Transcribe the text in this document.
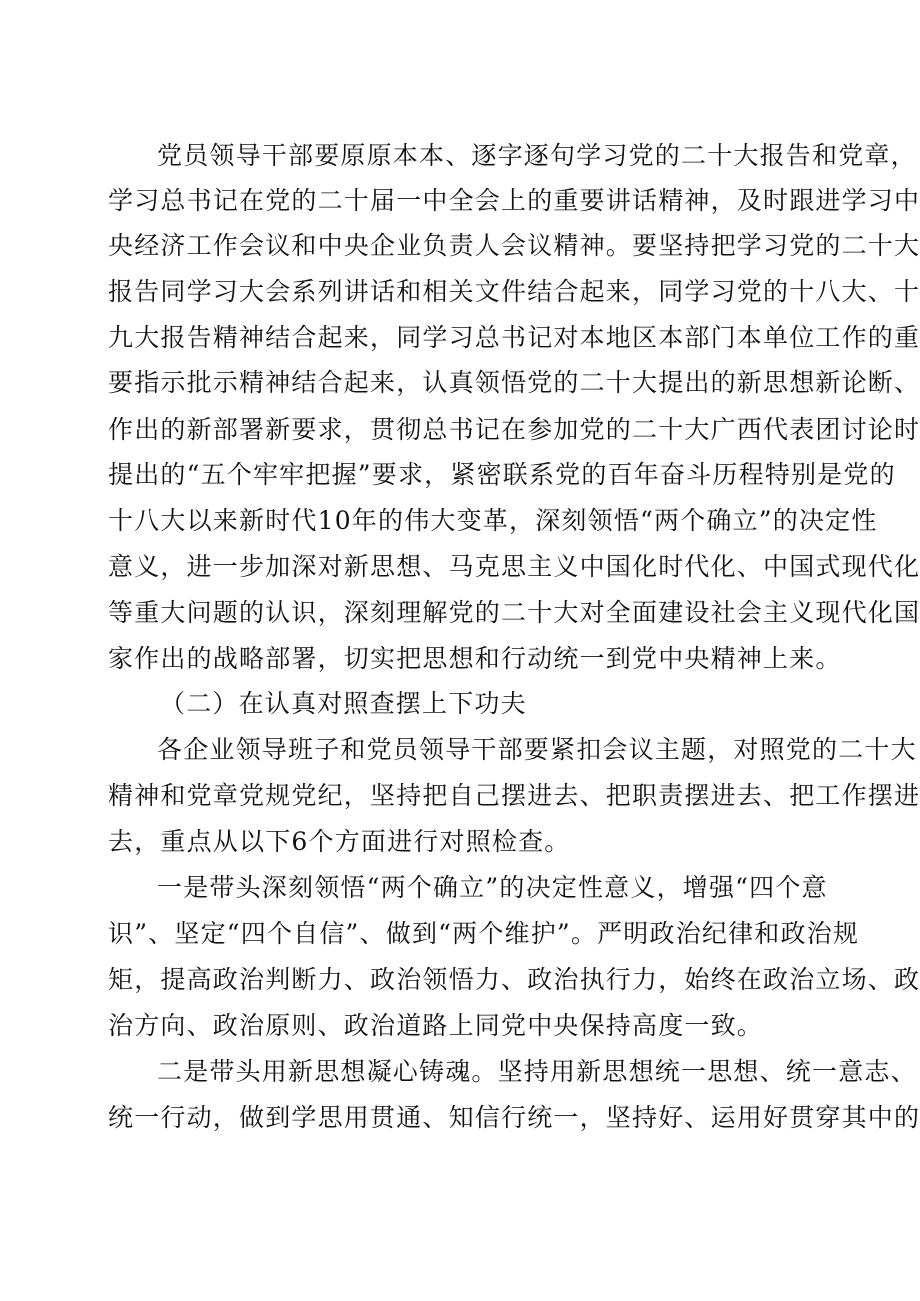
党员领导干部要原原本本、逐字逐句学习党的二十大报告和党章，
学习总书记在党的二十届一中全会上的重要讲话精神，及时跟进学习中
央经济工作会议和中央企业负责人会议精神。要坚持把学习党的二十大
报告同学习大会系列讲话和相关文件结合起来，同学习党的十八大、十
九大报告精神结合起来，同学习总书记对本地区本部门本单位工作的重
要指示批示精神结合起来，认真领悟党的二十大提出的新思想新论断、
作出的新部署新要求，贯彻总书记在参加党的二十大广西代表团讨论时
提出的“五个牢牢把握”要求，紧密联系党的百年奋斗历程特别是党的
十八大以来新时代10年的伟大变革，深刻领悟“两个确立”的决定性
意义，进一步加深对新思想、马克思主义中国化时代化、中国式现代化
等重大问题的认识，深刻理解党的二十大对全面建设社会主义现代化国
家作出的战略部署，切实把思想和行动统一到党中央精神上来。
（二）在认真对照查摆上下功夫
各企业领导班子和党员领导干部要紧扣会议主题，对照党的二十大
精神和党章党规党纪，坚持把自己摆进去、把职责摆进去、把工作摆进
去，重点从以下6个方面进行对照检查。
一是带头深刻领悟“两个确立”的决定性意义，增强“四个意
识”、坚定“四个自信”、做到“两个维护”。严明政治纪律和政治规
矩，提高政治判断力、政治领悟力、政治执行力，始终在政治立场、政
治方向、政治原则、政治道路上同党中央保持高度一致。
二是带头用新思想凝心铸魂。坚持用新思想统一思想、统一意志、
统一行动，做到学思用贯通、知信行统一，坚持好、运用好贯穿其中的
